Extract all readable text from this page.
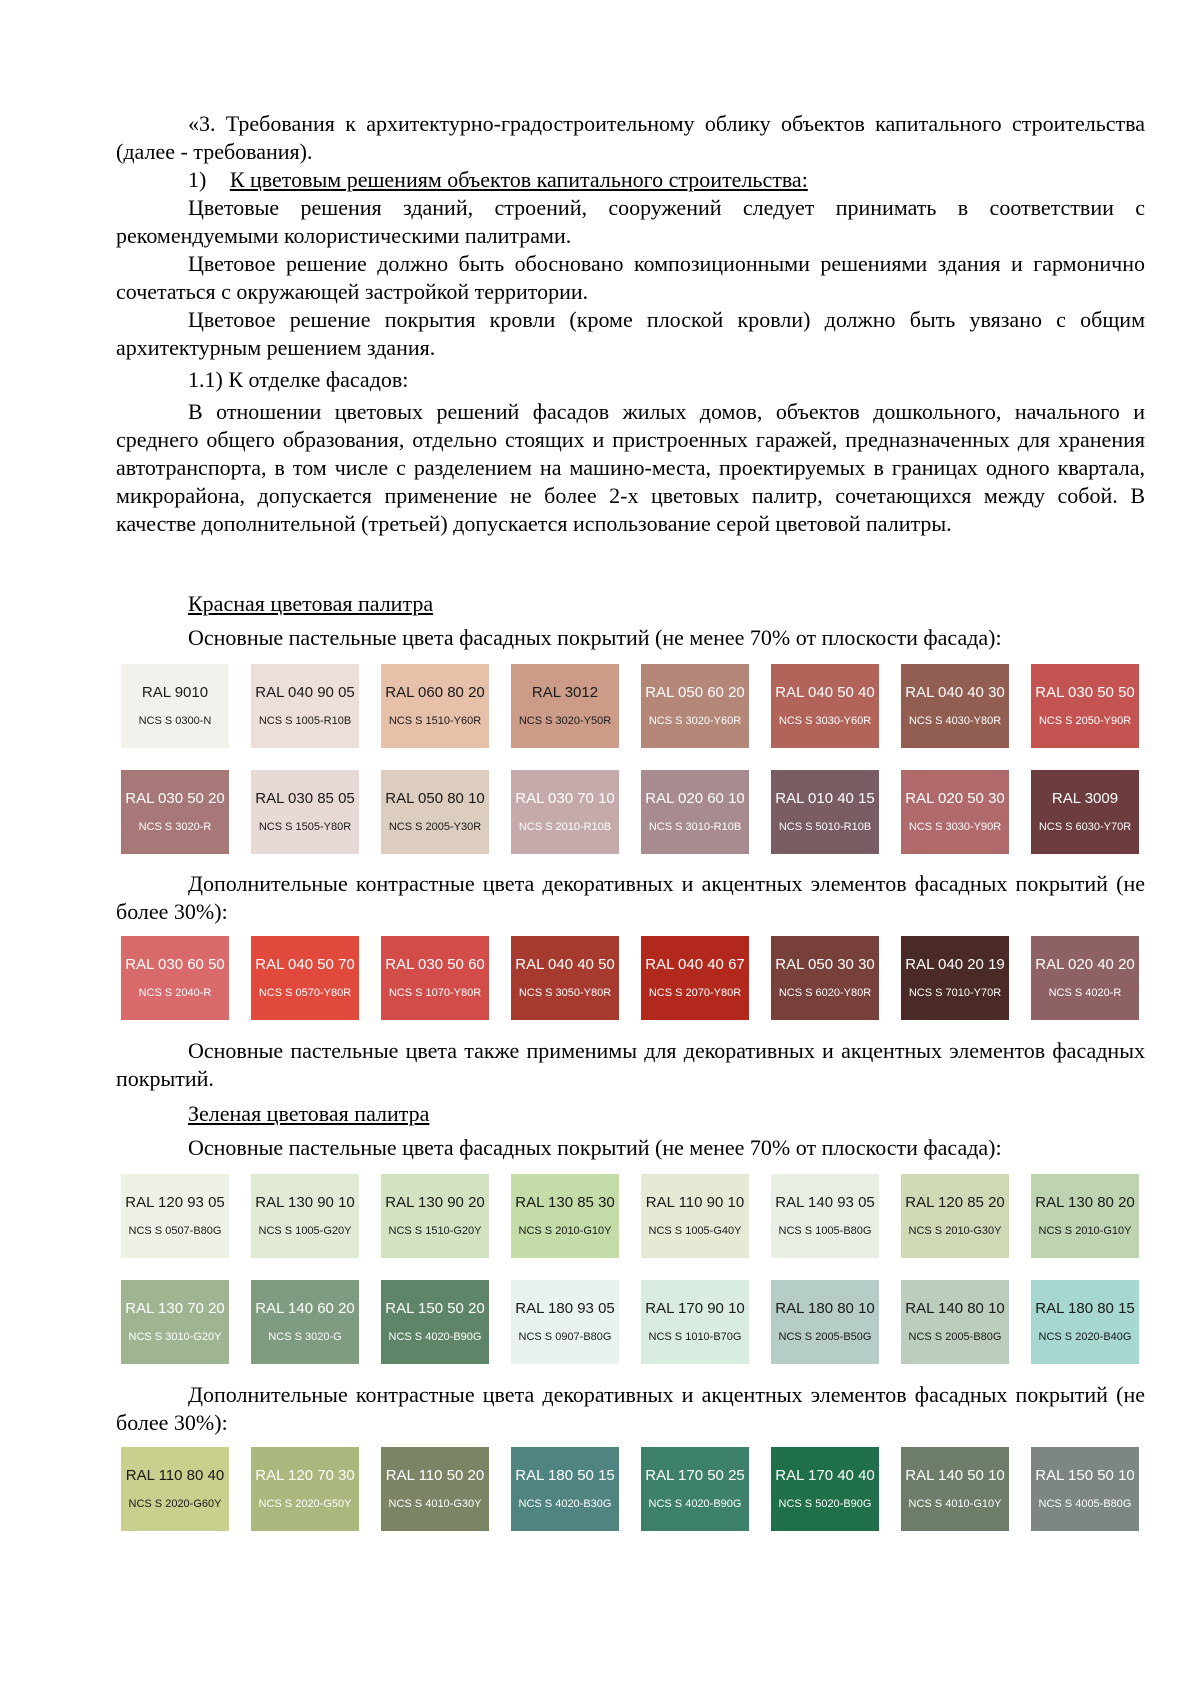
«3. Требования к архитектурно-градостроительному облику объектов капитального строительства (далее - требования).

1) К цветовым решениям объектов капитального строительства:

Цветовые решения зданий, строений, сооружений следует принимать в соответствии с рекомендуемыми колористическими палитрами.

Цветовое решение должно быть обосновано композиционными решениями здания и гармонично сочетаться с окружающей застройкой территории.

Цветовое решение покрытия кровли (кроме плоской кровли) должно быть увязано с общим архитектурным решением здания.

1.1) К отделке фасадов:

В отношении цветовых решений фасадов жилых домов, объектов дошкольного, начального и среднего общего образования, отдельно стоящих и пристроенных гаражей, предназначенных для хранения автотранспорта, в том числе с разделением на машино-места, проектируемых в границах одного квартала, микрорайона, допускается применение не более 2-х цветовых палитр, сочетающихся между собой. В качестве дополнительной (третьей) допускается использование серой цветовой палитры.

Красная цветовая палитра

Основные пастельные цвета фасадных покрытий (не менее 70% от плоскости фасада):

RAL 9010
NCS S 0300-N
RAL 040 90 05
NCS S 1005-R10B
RAL 060 80 20
NCS S 1510-Y60R
RAL 3012
NCS S 3020-Y50R
RAL 050 60 20
NCS S 3020-Y60R
RAL 040 50 40
NCS S 3030-Y60R
RAL 040 40 30
NCS S 4030-Y80R
RAL 030 50 50
NCS S 2050-Y90R
RAL 030 50 20
NCS S 3020-R
RAL 030 85 05
NCS S 1505-Y80R
RAL 050 80 10
NCS S 2005-Y30R
RAL 030 70 10
NCS S 2010-R10B
RAL 020 60 10
NCS S 3010-R10B
RAL 010 40 15
NCS S 5010-R10B
RAL 020 50 30
NCS S 3030-Y90R
RAL 3009
NCS S 6030-Y70R

Дополнительные контрастные цвета декоративных и акцентных элементов фасадных покрытий (не более 30%):

RAL 030 60 50
NCS S 2040-R
RAL 040 50 70
NCS S 0570-Y80R
RAL 030 50 60
NCS S 1070-Y80R
RAL 040 40 50
NCS S 3050-Y80R
RAL 040 40 67
NCS S 2070-Y80R
RAL 050 30 30
NCS S 6020-Y80R
RAL 040 20 19
NCS S 7010-Y70R
RAL 020 40 20
NCS S 4020-R

Основные пастельные цвета также применимы для декоративных и акцентных элементов фасадных покрытий.

Зеленая цветовая палитра

Основные пастельные цвета фасадных покрытий (не менее 70% от плоскости фасада):

RAL 120 93 05
NCS S 0507-B80G
RAL 130 90 10
NCS S 1005-G20Y
RAL 130 90 20
NCS S 1510-G20Y
RAL 130 85 30
NCS S 2010-G10Y
RAL 110 90 10
NCS S 1005-G40Y
RAL 140 93 05
NCS S 1005-B80G
RAL 120 85 20
NCS S 2010-G30Y
RAL 130 80 20
NCS S 2010-G10Y
RAL 130 70 20
NCS S 3010-G20Y
RAL 140 60 20
NCS S 3020-G
RAL 150 50 20
NCS S 4020-B90G
RAL 180 93 05
NCS S 0907-B80G
RAL 170 90 10
NCS S 1010-B70G
RAL 180 80 10
NCS S 2005-B50G
RAL 140 80 10
NCS S 2005-B80G
RAL 180 80 15
NCS S 2020-B40G

Дополнительные контрастные цвета декоративных и акцентных элементов фасадных покрытий (не более 30%):

RAL 110 80 40
NCS S 2020-G60Y
RAL 120 70 30
NCS S 2020-G50Y
RAL 110 50 20
NCS S 4010-G30Y
RAL 180 50 15
NCS S 4020-B30G
RAL 170 50 25
NCS S 4020-B90G
RAL 170 40 40
NCS S 5020-B90G
RAL 140 50 10
NCS S 4010-G10Y
RAL 150 50 10
NCS S 4005-B80G
